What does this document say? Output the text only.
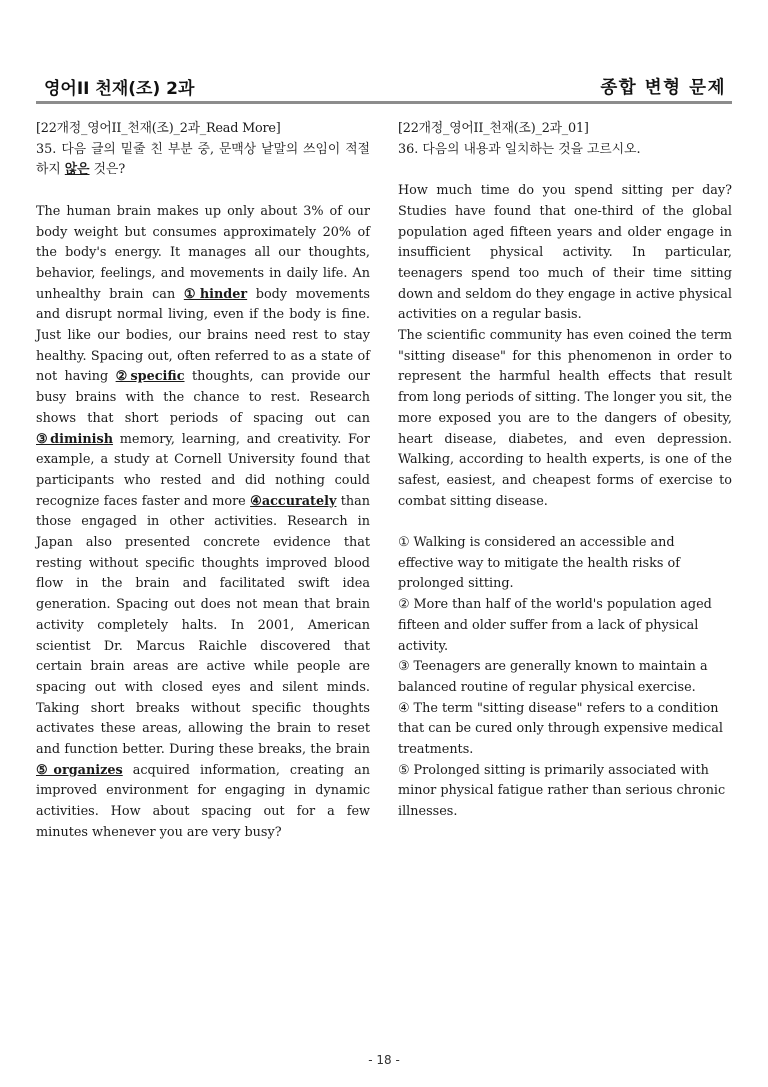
영어II 천재(조) 2과	종합 변형 문제

[22개정_영어II_천재(조)_2과_Read More]

35. 다음 글의 밑줄 친 부분 중, 문맥상 낱말의 쓰임이 적절하지 않은 것은?

The human brain makes up only about 3% of our body weight but consumes approximately 20% of the body's energy. It manages all our thoughts, behavior, feelings, and movements in daily life. An unhealthy brain can ①hinder body movements and disrupt normal living, even if the body is fine. Just like our bodies, our brains need rest to stay healthy. Spacing out, often referred to as a state of not having ②specific thoughts, can provide our busy brains with the chance to rest. Research shows that short periods of spacing out can ③diminish memory, learning, and creativity. For example, a study at Cornell University found that participants who rested and did nothing could recognize faces faster and more ④accurately than those engaged in other activities. Research in Japan also presented concrete evidence that resting without specific thoughts improved blood flow in the brain and facilitated swift idea generation. Spacing out does not mean that brain activity completely halts. In 2001, American scientist Dr. Marcus Raichle discovered that certain brain areas are active while people are spacing out with closed eyes and silent minds. Taking short breaks without specific thoughts activates these areas, allowing the brain to reset and function better. During these breaks, the brain ⑤organizes acquired information, creating an improved environment for engaging in dynamic activities. How about spacing out for a few minutes whenever you are very busy?

[22개정_영어II_천재(조)_2과_01]

36. 다음의 내용과 일치하는 것을 고르시오.

How much time do you spend sitting per day? Studies have found that one-third of the global population aged fifteen years and older engage in insufficient physical activity. In particular, teenagers spend too much of their time sitting down and seldom do they engage in active physical activities on a regular basis.

The scientific community has even coined the term "sitting disease" for this phenomenon in order to represent the harmful health effects that result from long periods of sitting. The longer you sit, the more exposed you are to the dangers of obesity, heart disease, diabetes, and even depression. Walking, according to health experts, is one of the safest, easiest, and cheapest forms of exercise to combat sitting disease.

① Walking is considered an accessible and effective way to mitigate the health risks of prolonged sitting.

② More than half of the world's population aged fifteen and older suffer from a lack of physical activity.

③ Teenagers are generally known to maintain a balanced routine of regular physical exercise.

④ The term "sitting disease" refers to a condition that can be cured only through expensive medical treatments.

⑤ Prolonged sitting is primarily associated with minor physical fatigue rather than serious chronic illnesses.

- 18 -
